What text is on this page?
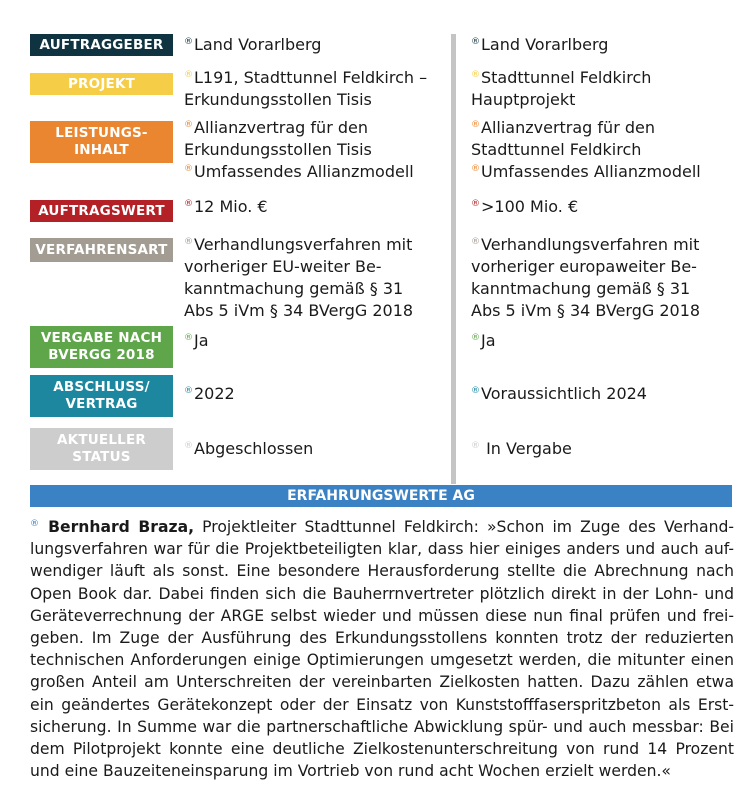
AUFTRAGGEBER
PROJEKT
LEISTUNGS-
INHALT
AUFTRAGSWERT
VERFAHRENSART
VERGABE NACH
BVERGG 2018
ABSCHLUSS/
VERTRAG
AKTUELLER
STATUS
®Land Vorarlberg
®L191, Stadttunnel Feldkirch –
Erkundungsstollen Tisis
®Allianzvertrag für den
Erkundungsstollen Tisis
®Umfassendes Allianzmodell
®12 Mio. €
®Verhandlungsverfahren mit
vorheriger EU-weiter Be-
kanntmachung gemäß § 31
Abs 5 iVm § 34 BVergG 2018
®Ja
®2022
®Abgeschlossen
®Land Vorarlberg
®Stadttunnel Feldkirch
Hauptprojekt
®Allianzvertrag für den
Stadttunnel Feldkirch
®Umfassendes Allianzmodell
®>100 Mio. €
®Verhandlungsverfahren mit
vorheriger europaweiter Be-
kanntmachung gemäß § 31
Abs 5 iVm § 34 BVergG 2018
®Ja
®Voraussichtlich 2024
® In Vergabe
ERFAHRUNGSWERTE AG
® Bernhard Braza, Projektleiter Stadttunnel Feldkirch: »Schon im Zuge des Verhand-lungsverfahren war für die Projektbeteiligten klar, dass hier einiges anders und auch auf-wendiger läuft als sonst. Eine besondere Herausforderung stellte die Abrechnung nach Open Book dar. Dabei finden sich die Bauherrnvertreter plötzlich direkt in der Lohn- und Geräteverrechnung der ARGE selbst wieder und müssen diese nun final prüfen und frei-geben. Im Zuge der Ausführung des Erkundungsstollens konnten trotz der reduzierten technischen Anforderungen einige Optimierungen umgesetzt werden, die mitunter einen großen Anteil am Unterschreiten der vereinbarten Zielkosten hatten. Dazu zählen etwa ein geändertes Gerätekonzept oder der Einsatz von Kunststofffaserspritzbeton als Erst-sicherung. In Summe war die partnerschaftliche Abwicklung spür- und auch messbar: Bei dem Pilotprojekt konnte eine deutliche Zielkostenunterschreitung von rund 14 Prozent und eine Bauzeiteneinsparung im Vortrieb von rund acht Wochen erzielt werden.«
